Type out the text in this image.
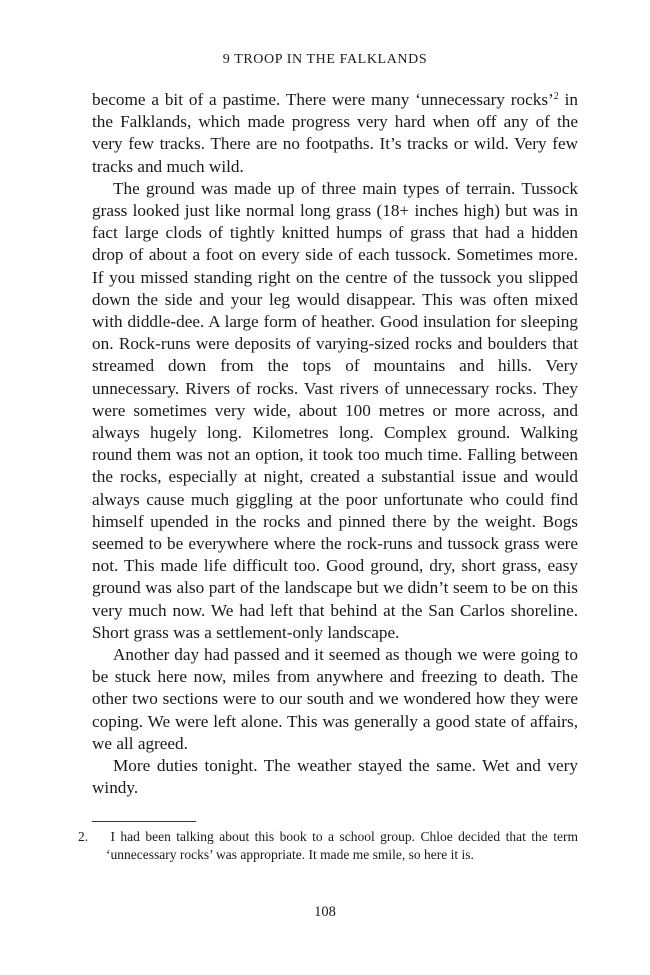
9 TROOP IN THE FALKLANDS

become a bit of a pastime. There were many ‘unnecessary rocks’$^2$ in the Falklands, which made progress very hard when off any of the very few tracks. There are no footpaths. It’s tracks or wild. Very few tracks and much wild.

The ground was made up of three main types of terrain. Tussock grass looked just like normal long grass (18+ inches high) but was in fact large clods of tightly knitted humps of grass that had a hidden drop of about a foot on every side of each tussock. Sometimes more. If you missed standing right on the centre of the tussock you slipped down the side and your leg would disappear. This was often mixed with diddle-dee. A large form of heather. Good insulation for sleeping on. Rock-runs were deposits of varying-sized rocks and boulders that streamed down from the tops of mountains and hills. Very unnecessary. Rivers of rocks. Vast rivers of unnecessary rocks. They were sometimes very wide, about 100 metres or more across, and always hugely long. Kilometres long. Complex ground. Walking round them was not an option, it took too much time. Falling between the rocks, especially at night, created a substantial issue and would always cause much giggling at the poor unfortunate who could find himself upended in the rocks and pinned there by the weight. Bogs seemed to be everywhere where the rock-runs and tussock grass were not. This made life difficult too. Good ground, dry, short grass, easy ground was also part of the landscape but we didn’t seem to be on this very much now. We had left that behind at the San Carlos shoreline. Short grass was a settlement-only landscape.

Another day had passed and it seemed as though we were going to be stuck here now, miles from anywhere and freezing to death. The other two sections were to our south and we wondered how they were coping. We were left alone. This was generally a good state of affairs, we all agreed.

More duties tonight. The weather stayed the same. Wet and very windy.

2. I had been talking about this book to a school group. Chloe decided that the term ‘unnecessary rocks’ was appropriate. It made me smile, so here it is.
108
